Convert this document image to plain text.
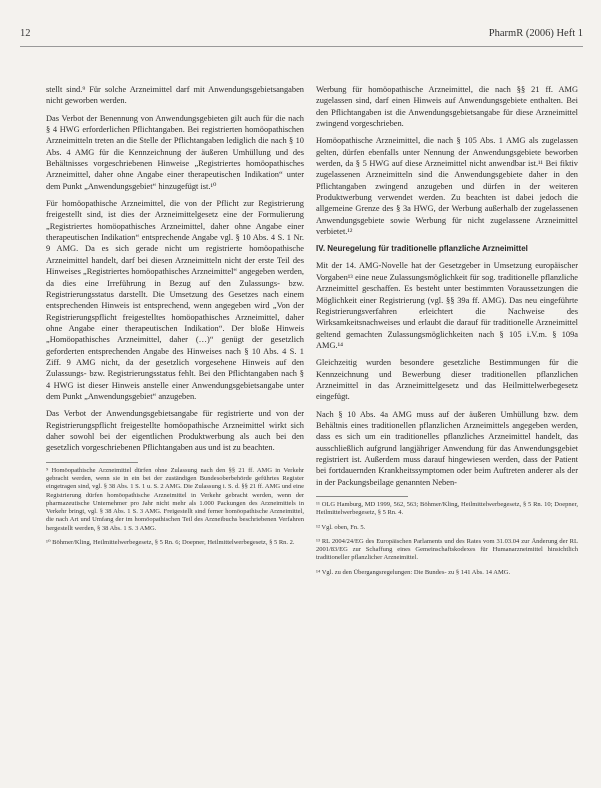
12	PharmR (2006) Heft 1

stellt sind.⁹ Für solche Arzneimittel darf mit Anwendungsgebietsangaben nicht geworben werden.

Das Verbot der Benennung von Anwendungsgebieten gilt auch für die nach § 4 HWG erforderlichen Pflichtangaben. Bei registrierten homöopathischen Arzneimitteln treten an die Stelle der Pflichtangaben lediglich die nach § 10 Abs. 4 AMG für die Kennzeichnung der äußeren Umhüllung und des Behältnisses vorgeschriebenen Hinweise „Registriertes homöopathisches Arzneimittel, daher ohne Angabe einer therapeutischen Indikation“ unter dem Punkt „Anwendungsgebiet“ hinzugefügt ist.¹⁰

Für homöopathische Arzneimittel, die von der Pflicht zur Registrierung freigestellt sind, ist dies der Arzneimittelgesetz eine der Formulierung „Registriertes homöopathisches Arzneimittel, daher ohne Angabe einer therapeutischen Indikation“ entsprechende Angabe vgl. § 10 Abs. 4 S. 1 Nr. 9 AMG. Da es sich gerade nicht um registrierte homöopathische Arzneimittel handelt, darf bei diesen Arzneimitteln nicht der erste Teil des Hinweises „Registriertes homöopathisches Arzneimittel“ angegeben werden, da dies eine Irreführung in Bezug auf den Zulassungs- bzw. Registrierungsstatus darstellt. Die Umsetzung des Gesetzes nach einem entsprechenden Hinweis ist entsprechend, wenn angegeben wird „Von der Registrierungspflicht freigestelltes homöopathisches Arzneimittel, daher ohne Angabe einer therapeutischen Indikation“. Der bloße Hinweis „Homöopathisches Arzneimittel, daher (…)“ genügt der gesetzlich geforderten entsprechenden Angabe des Hinweises nach § 10 Abs. 4 S. 1 Ziff. 9 AMG nicht, da der gesetzlich vorgesehene Hinweis auf den Zulassungs- bzw. Registrierungsstatus fehlt. Bei den Pflichtangaben nach § 4 HWG ist dieser Hinweis anstelle einer Anwendungsgebietsangabe unter dem Punkt „Anwendungsgebiet“ anzugeben.

Das Verbot der Anwendungsgebietsangabe für registrierte und von der Registrierungspflicht freigestellte homöopathische Arzneimittel wirkt sich daher sowohl bei der eigentlichen Produktwerbung als auch bei den gesetzlich vorgeschriebenen Pflichtangaben aus und ist zu beachten.

⁹ Homöopathische Arzneimittel dürfen ohne Zulassung nach den §§ 21 ff. AMG in Verkehr gebracht werden, wenn sie in ein bei der zuständigen Bundesoberbehörde geführtes Register eingetragen sind, vgl. § 38 Abs. 1 S. 1 u. S. 2 AMG. Die Zulassung i. S. d. §§ 21 ff. AMG und eine Registrierung dürfen homöopathische Arzneimittel in Verkehr gebracht werden, wenn der pharmazeutische Unternehmer pro Jahr nicht mehr als 1.000 Packungen des Arzneimittels in Verkehr bringt, vgl. § 38 Abs. 1 S. 3 AMG. Freigestellt sind ferner homöopathische Arzneimittel, die nach Art und Umfang der im homöopathischen Teil des Arzneibuchs beschriebenen Verfahren hergestellt werden, § 38 Abs. 1 S. 3 AMG.

¹⁰ Böhmer/Kling, Heilmittelwerbegesetz, § 5 Rn. 6; Doepner, Heilmittelwerbegesetz, § 5 Rn. 2.

Werbung für homöopathische Arzneimittel, die nach §§ 21 ff. AMG zugelassen sind, darf einen Hinweis auf Anwendungsgebiete enthalten. Bei den Pflichtangaben ist die Anwendungsgebietsangabe für diese Arzneimittel zwingend vorgeschrieben.

Homöopathische Arzneimittel, die nach § 105 Abs. 1 AMG als zugelassen gelten, dürfen ebenfalls unter Nennung der Anwendungsgebiete beworben werden, da § 5 HWG auf diese Arzneimittel nicht anwendbar ist.¹¹ Bei fiktiv zugelassenen Arzneimitteln sind die Anwendungsgebiete daher in den Pflichtangaben zwingend anzugeben und dürfen in der weiteren Produktwerbung verwendet werden. Zu beachten ist dabei jedoch die allgemeine Grenze des § 3a HWG, der Werbung außerhalb der zugelassenen Anwendungsgebiete sowie Werbung für nicht zugelassene Arzneimittel verbietet.¹²

IV. Neuregelung für traditionelle pflanzliche Arzneimittel

Mit der 14. AMG-Novelle hat der Gesetzgeber in Umsetzung europäischer Vorgaben¹³ eine neue Zulassungsmöglichkeit für sog. traditionelle pflanzliche Arzneimittel geschaffen. Es besteht unter bestimmten Voraussetzungen die Möglichkeit einer Registrierung (vgl. §§ 39a ff. AMG). Das neu eingeführte Registrierungsverfahren erleichtert die Nachweise des Wirksamkeitsnachweises und erlaubt die darauf für traditionelle Arzneimittel geltend gemachten Zulassungsmöglichkeiten nach § 105 i.V.m. § 109a AMG.¹⁴

Gleichzeitig wurden besondere gesetzliche Bestimmungen für die Kennzeichnung und Bewerbung dieser traditionellen pflanzlichen Arzneimittel in das Arzneimittelgesetz und das Heilmittelwerbegesetz eingefügt.

Nach § 10 Abs. 4a AMG muss auf der äußeren Umhüllung bzw. dem Behältnis eines traditionellen pflanzlichen Arzneimittels angegeben werden, dass es sich um ein traditionelles pflanzliches Arzneimittel handelt, das ausschließlich aufgrund langjähriger Anwendung für das Anwendungsgebiet registriert ist. Außerdem muss darauf hingewiesen werden, dass der Patient bei fortdauernden Krankheitssymptomen oder beim Auftreten anderer als der in der Packungsbeilage genannten Neben-

¹¹ OLG Hamburg, MD 1999, 562, 563; Böhmer/Kling, Heilmittelwerbegesetz, § 5 Rn. 10; Doepner, Heilmittelwerbegesetz, § 5 Rn. 4.

¹² Vgl. oben, Fn. 5.

¹³ RL 2004/24/EG des Europäischen Parlaments und des Rates vom 31.03.04 zur Änderung der RL 2001/83/EG zur Schaffung eines Gemeinschaftskodexes für Humanarzneimittel hinsichtlich traditioneller pflanzlicher Arzneimittel.

¹⁴ Vgl. zu den Übergangsregelungen: Die Bundes- zu § 141 Abs. 14 AMG.
